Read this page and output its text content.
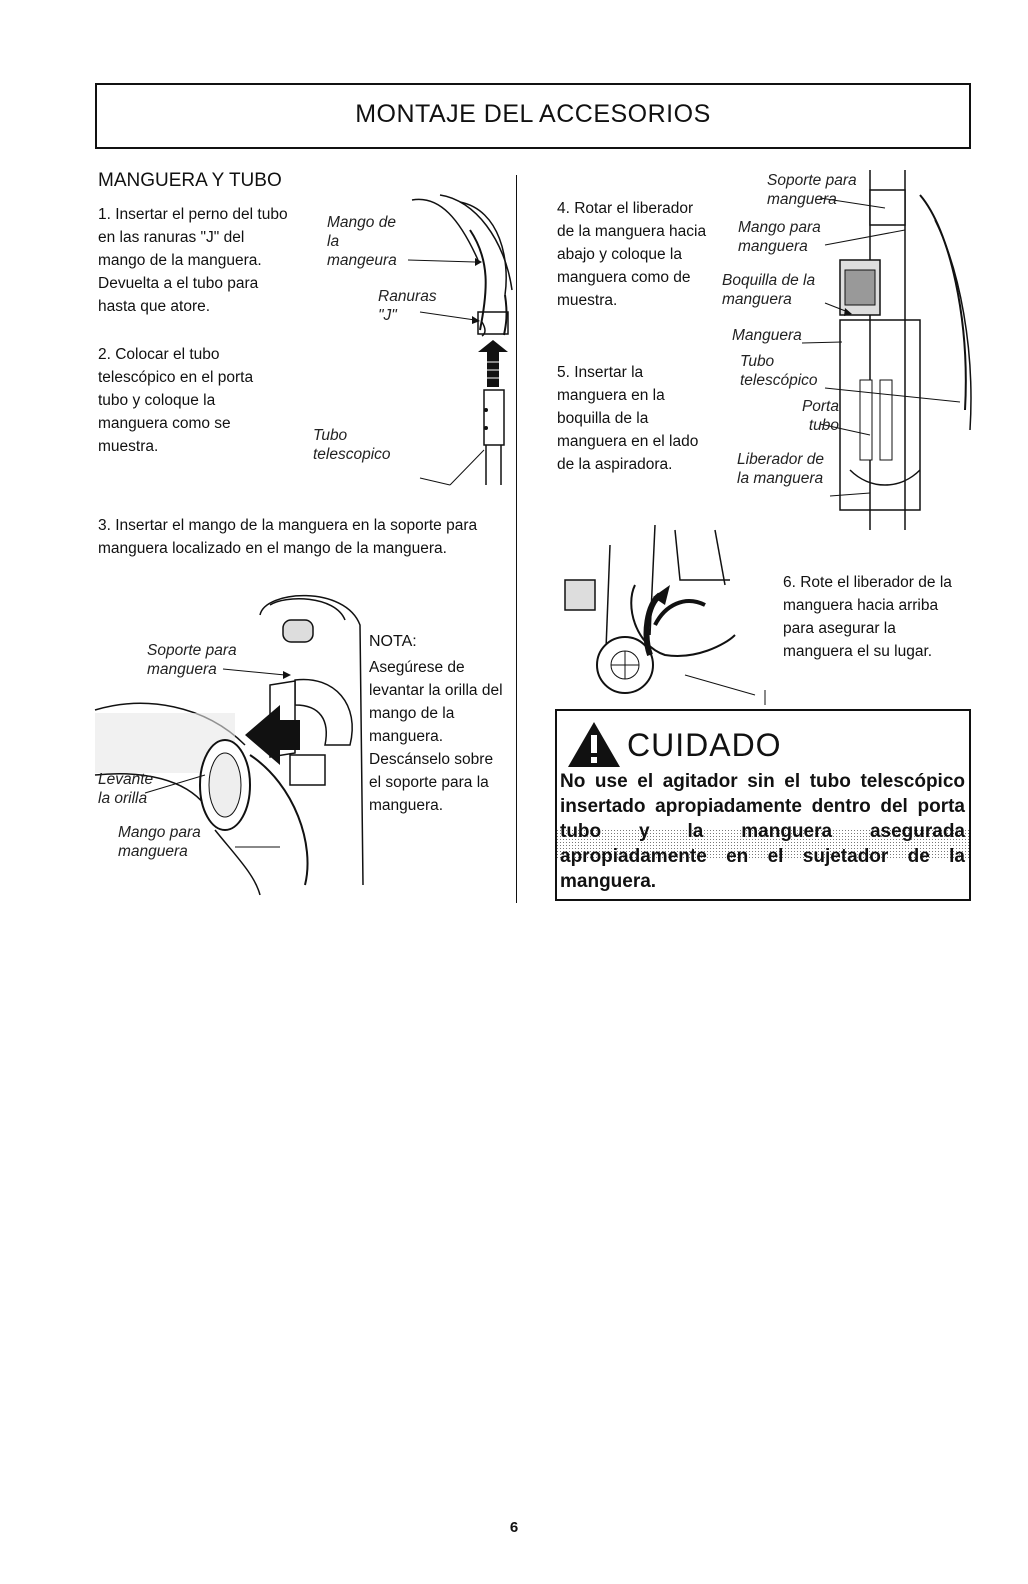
MONTAJE DEL ACCESORIOS
MANGUERA Y TUBO
1. Insertar el perno del tubo en las ranuras "J" del mango de la manguera. Devuelta a el tubo para hasta que atore.
2. Colocar el tubo telescópico en el porta tubo y coloque la manguera como se muestra.
Mango de la mangeura
Ranuras "J"
Tubo telescopico
3. Insertar el mango de la manguera en la soporte para manguera localizado en el mango de la manguera.
Soporte para manguera
Levante la orilla
Mango para manguera
NOTA:
Asegúrese de levantar la orilla del mango de la manguera. Descánselo sobre el soporte para la manguera.
4. Rotar el liberador de la manguera hacia abajo y coloque la manguera como de muestra.
5. Insertar la manguera en la boquilla de la manguera en el lado de la aspiradora.
Soporte para manguera
Mango para manguera
Boquilla de la manguera
Manguera
Tubo telescópico
Porta tubo
Liberador de la manguera
6. Rote el liberador de la manguera hacia arriba para asegurar la manguera el su lugar.
CUIDADO
No use el agitador sin el tubo telescópico insertado apropiadamente dentro del porta tubo y la manguera asegurada apropiadamente en el sujetador de la manguera.
6
